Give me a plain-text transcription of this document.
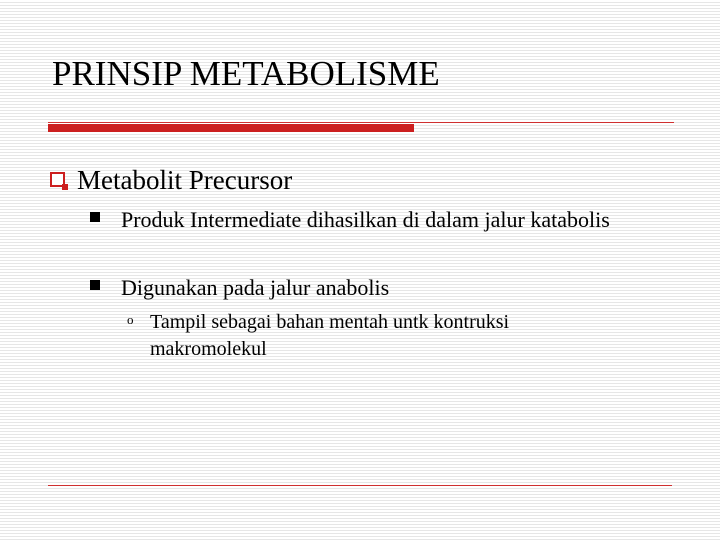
PRINSIP METABOLISME
Metabolit Precursor
Produk Intermediate dihasilkan di dalam jalur katabolis
Digunakan pada jalur anabolis
o Tampil sebagai bahan mentah untk kontruksi makromolekul
